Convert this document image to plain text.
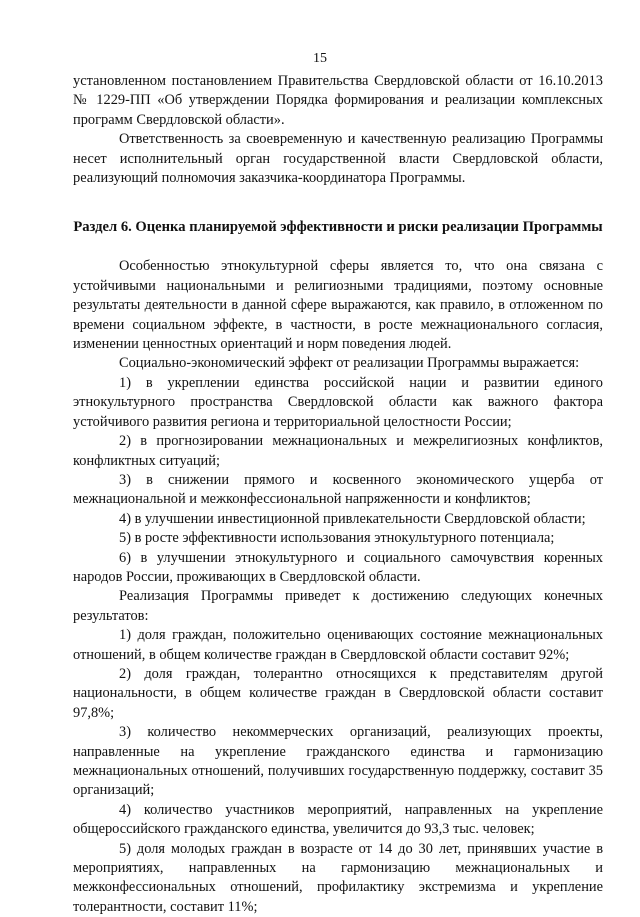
15

установленном постановлением Правительства Свердловской области от 16.10.2013 № 1229-ПП «Об утверждении Порядка формирования и реализации комплексных программ Свердловской области».

Ответственность за своевременную и качественную реализацию Программы несет исполнительный орган государственной власти Свердловской области, реализующий полномочия заказчика-координатора Программы.

Раздел 6. Оценка планируемой эффективности и риски реализации Программы

Особенностью этнокультурной сферы является то, что она связана с устойчивыми национальными и религиозными традициями, поэтому основные результаты деятельности в данной сфере выражаются, как правило, в отложенном по времени социальном эффекте, в частности, в росте межнационального согласия, изменении ценностных ориентаций и норм поведения людей.

Социально-экономический эффект от реализации Программы выражается:

1) в укреплении единства российской нации и развитии единого этнокультурного пространства Свердловской области как важного фактора устойчивого развития региона и территориальной целостности России;

2) в прогнозировании межнациональных и межрелигиозных конфликтов, конфликтных ситуаций;

3) в снижении прямого и косвенного экономического ущерба от межнациональной и межконфессиональной напряженности и конфликтов;

4) в улучшении инвестиционной привлекательности Свердловской области;

5) в росте эффективности использования этнокультурного потенциала;

6) в улучшении этнокультурного и социального самочувствия коренных народов России, проживающих в Свердловской области.

Реализация Программы приведет к достижению следующих конечных результатов:

1) доля граждан, положительно оценивающих состояние межнациональных отношений, в общем количестве граждан в Свердловской области составит 92%;

2) доля граждан, толерантно относящихся к представителям другой национальности, в общем количестве граждан в Свердловской области составит 97,8%;

3) количество некоммерческих организаций, реализующих проекты, направленные на укрепление гражданского единства и гармонизацию межнациональных отношений, получивших государственную поддержку, составит 35 организаций;

4) количество участников мероприятий, направленных на укрепление общероссийского гражданского единства, увеличится до 93,3 тыс. человек;

5) доля молодых граждан в возрасте от 14 до 30 лет, принявших участие в мероприятиях, направленных на гармонизацию межнациональных и межконфессиональных отношений, профилактику экстремизма и укрепление толерантности, составит 11%;
